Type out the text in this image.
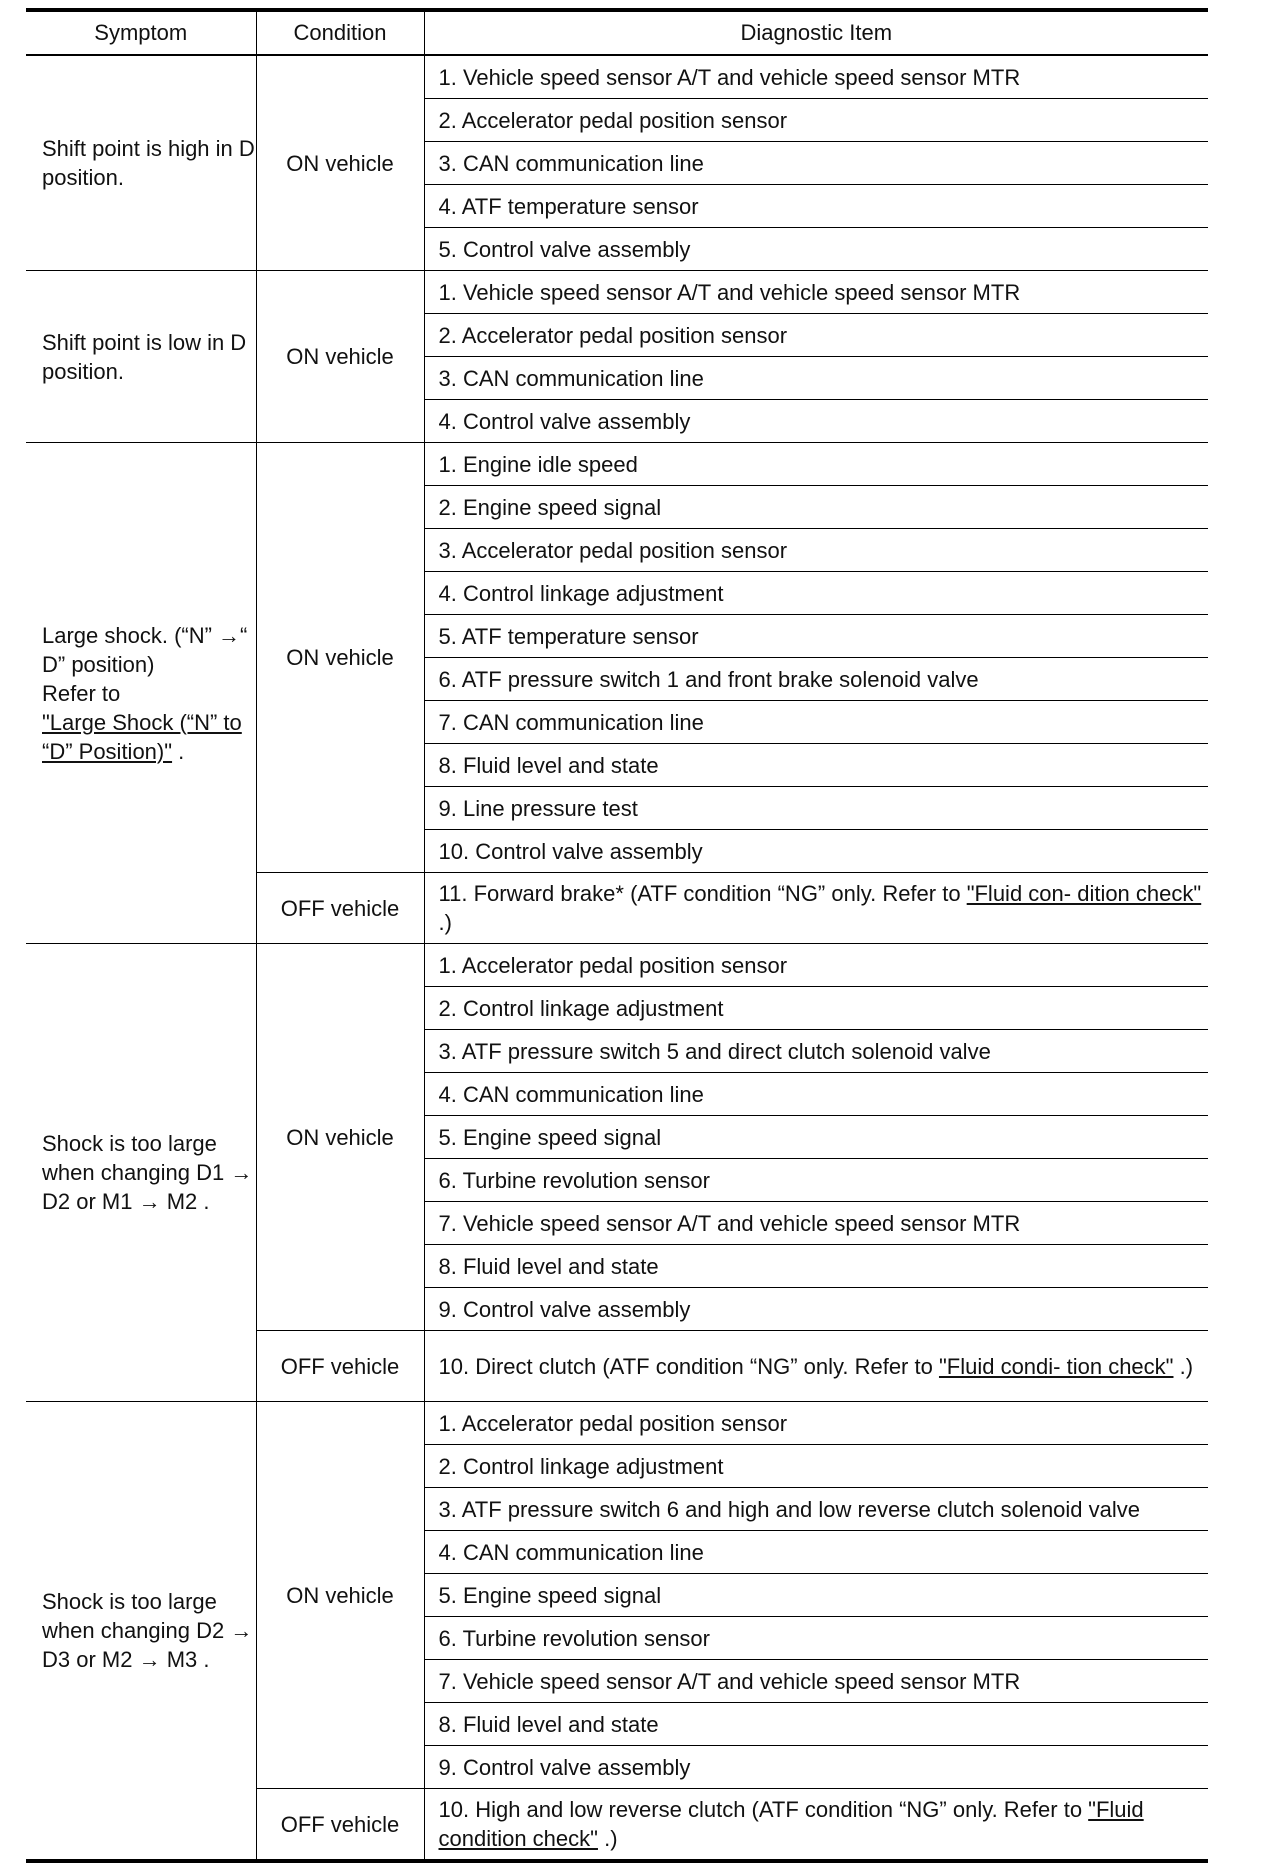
Symptom	Condition	Diagnostic Item
Shift point is high in D position.	ON vehicle	1. Vehicle speed sensor A/T and vehicle speed sensor MTR
		2. Accelerator pedal position sensor
		3. CAN communication line
		4. ATF temperature sensor
		5. Control valve assembly
Shift point is low in D position.	ON vehicle	1. Vehicle speed sensor A/T and vehicle speed sensor MTR
		2. Accelerator pedal position sensor
		3. CAN communication line
		4. Control valve assembly
Large shock. (“N” →“ D” position)
Refer to
"Large Shock (“N” to “D” Position)" .	ON vehicle	1. Engine idle speed
		2. Engine speed signal
		3. Accelerator pedal position sensor
		4. Control linkage adjustment
		5. ATF temperature sensor
		6. ATF pressure switch 1 and front brake solenoid valve
		7. CAN communication line
		8. Fluid level and state
		9. Line pressure test
		10. Control valve assembly
	OFF vehicle	11. Forward brake* (ATF condition “NG” only. Refer to "Fluid con- dition check" .)
Shock is too large when changing D1 → D2 or M1 → M2 .	ON vehicle	1. Accelerator pedal position sensor
		2. Control linkage adjustment
		3. ATF pressure switch 5 and direct clutch solenoid valve
		4. CAN communication line
		5. Engine speed signal
		6. Turbine revolution sensor
		7. Vehicle speed sensor A/T and vehicle speed sensor MTR
		8. Fluid level and state
		9. Control valve assembly
	OFF vehicle	10. Direct clutch (ATF condition “NG” only. Refer to "Fluid condi- tion check" .)
Shock is too large when changing D2 → D3 or M2 → M3 .	ON vehicle	1. Accelerator pedal position sensor
		2. Control linkage adjustment
		3. ATF pressure switch 6 and high and low reverse clutch solenoid valve
		4. CAN communication line
		5. Engine speed signal
		6. Turbine revolution sensor
		7. Vehicle speed sensor A/T and vehicle speed sensor MTR
		8. Fluid level and state
		9. Control valve assembly
	OFF vehicle	10. High and low reverse clutch (ATF condition “NG” only. Refer to "Fluid condition check" .)
